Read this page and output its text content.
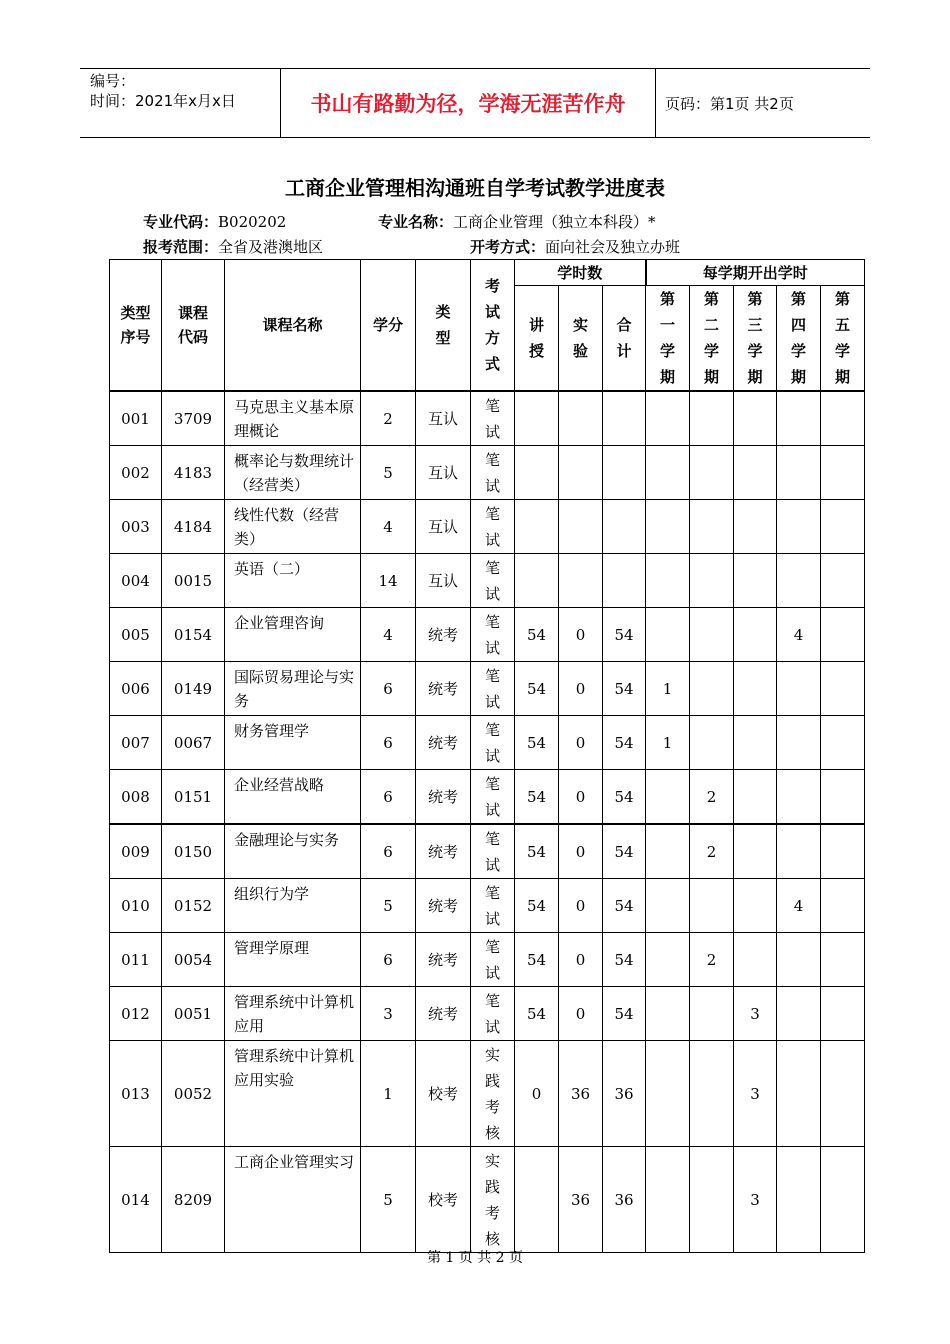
编号：
时间：2021年x月x日	书山有路勤为径，学海无涯苦作舟	页码：第1页 共2页
工商企业管理相沟通班自学考试教学进度表
专业代码：B020202	专业名称：工商企业管理（独立本科段）*
报考范围：全省及港澳地区	开考方式：面向社会及独立办班
类型序号	课程代码	课程名称	学分	类型	考试方式	学时数			每学期开出学时				
						讲授	实验	合计	第一学期	第二学期	第三学期	第四学期	第五学期
001	3709	马克思主义基本原理概论	2	互认	笔试								
002	4183	概率论与数理统计（经营类）	5	互认	笔试								
003	4184	线性代数（经营类）	4	互认	笔试								
004	0015	英语（二）	14	互认	笔试								
005	0154	企业管理咨询	4	统考	笔试	54	0	54				4	
006	0149	国际贸易理论与实务	6	统考	笔试	54	0	54	1				
007	0067	财务管理学	6	统考	笔试	54	0	54	1				
008	0151	企业经营战略	6	统考	笔试	54	0	54		2			
009	0150	金融理论与实务	6	统考	笔试	54	0	54		2			
010	0152	组织行为学	5	统考	笔试	54	0	54				4	
011	0054	管理学原理	6	统考	笔试	54	0	54		2			
012	0051	管理系统中计算机应用	3	统考	笔试	54	0	54			3		
013	0052	管理系统中计算机应用实验	1	校考	实践考核	0	36	36			3		
014	8209	工商企业管理实习	5	校考	实践考核		36	36			3		
第 1 页 共 2 页
